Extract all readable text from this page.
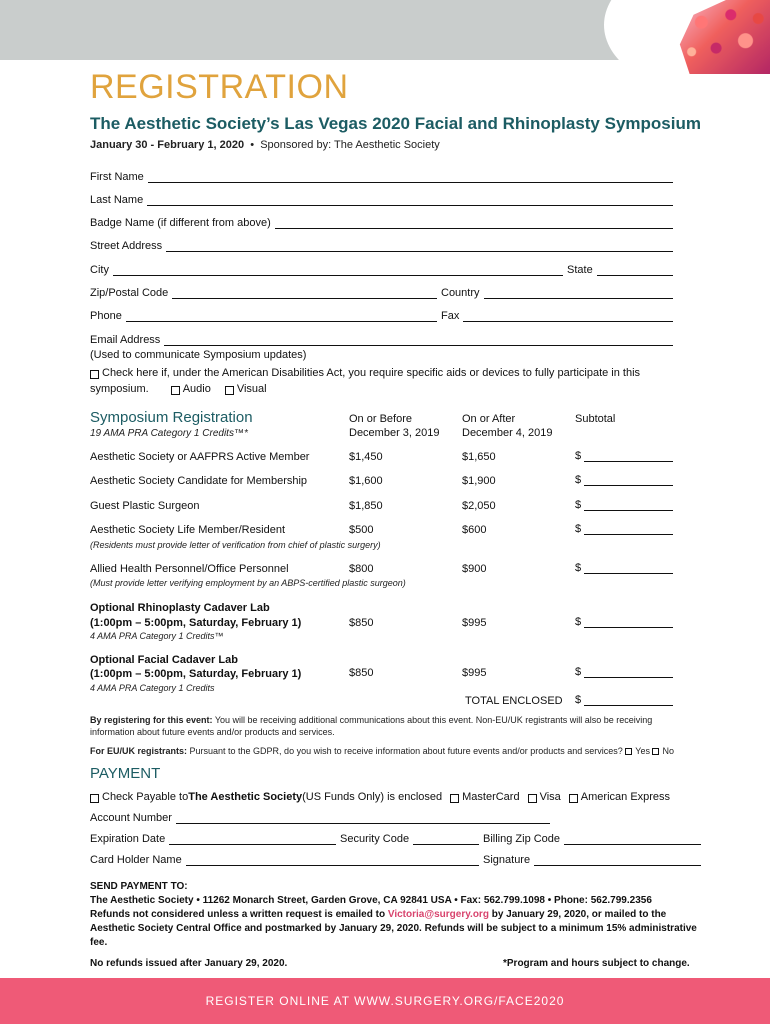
REGISTRATION
The Aesthetic Society’s Las Vegas 2020 Facial and Rhinoplasty Symposium
January 30 - February 1, 2020 • Sponsored by: The Aesthetic Society
First Name
Last Name
Badge Name (if different from above)
Street Address
City	State
Zip/Postal Code	Country
Phone	Fax
Email Address
(Used to communicate Symposium updates)
Check here if, under the American Disabilities Act, you require specific aids or devices to fully participate in this
symposium.	Audio Visual
Symposium Registration
19 AMA PRA Category 1 Credits™*
On or Before
December 3, 2019
On or After
December 4, 2019
Subtotal
Aesthetic Society or AAFPRS Active Member	$1,450	$1,650	$
Aesthetic Society Candidate for Membership	$1,600	$1,900	$
Guest Plastic Surgeon	$1,850	$2,050	$
Aesthetic Society Life Member/Resident	$500	$600	$
(Residents must provide letter of verification from chief of plastic surgery)
Allied Health Personnel/Office Personnel	$800	$900	$
(Must provide letter verifying employment by an ABPS-certified plastic surgeon)
Optional Rhinoplasty Cadaver Lab
(1:00pm – 5:00pm, Saturday, February 1)
4 AMA PRA Category 1 Credits™
$850	$995	$
Optional Facial Cadaver Lab
(1:00pm – 5:00pm, Saturday, February 1)
4 AMA PRA Category 1 Credits
$850	$995	$
TOTAL ENCLOSED $
By registering for this event: You will be receiving additional communications about this event. Non-EU/UK registrants will also be receiving information about future events and/or products and services.
For EU/UK registrants: Pursuant to the GDPR, do you wish to receive information about future events and/or products and services? Yes No
PAYMENT
Check Payable to The Aesthetic Society (US Funds Only) is enclosed MasterCard Visa American Express
Account Number
Expiration Date	Security Code	Billing Zip Code
Card Holder Name	Signature
SEND PAYMENT TO:
The Aesthetic Society • 11262 Monarch Street, Garden Grove, CA 92841 USA • Fax: 562.799.1098 • Phone: 562.799.2356
Refunds not considered unless a written request is emailed to Victoria@surgery.org by January 29, 2020, or mailed to the Aesthetic Society Central Office and postmarked by January 29, 2020. Refunds will be subject to a minimum 15% administrative fee.
No refunds issued after January 29, 2020.	*Program and hours subject to change.
REGISTER ONLINE AT WWW.SURGERY.ORG/FACE2020
